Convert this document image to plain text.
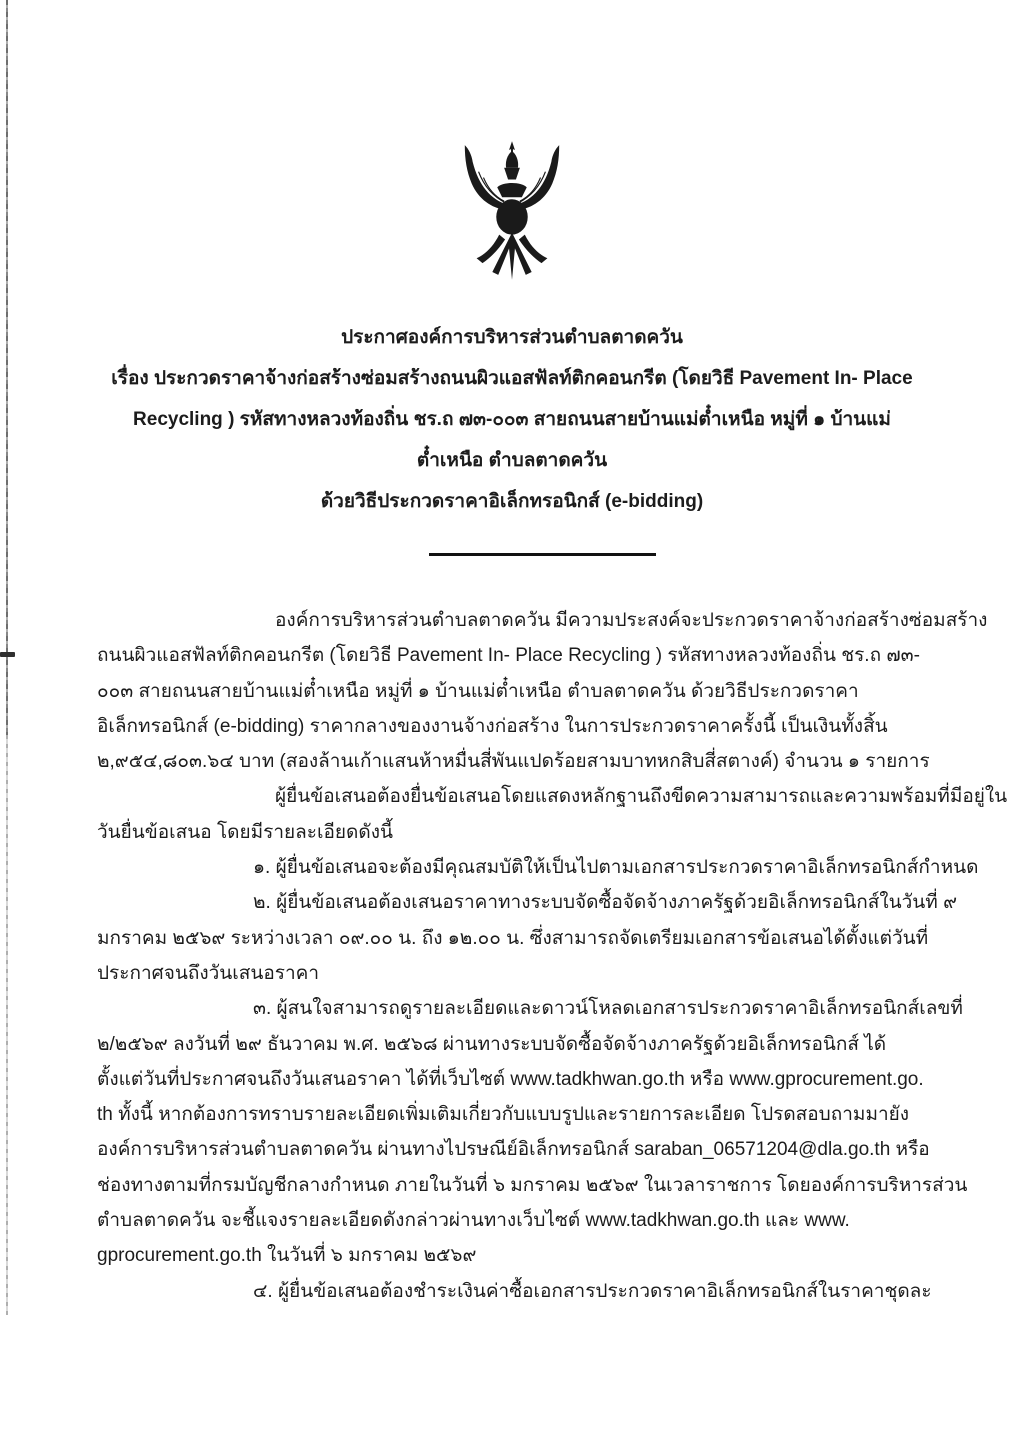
ประกาศองค์การบริหารส่วนตำบลตาดควัน
เรื่อง ประกวดราคาจ้างก่อสร้างซ่อมสร้างถนนผิวแอสฟัลท์ติกคอนกรีต (โดยวิธี Pavement In- Place
Recycling ) รหัสทางหลวงท้องถิ่น ชร.ถ ๗๓-๐๐๓ สายถนนสายบ้านแม่ต๋ำเหนือ หมู่ที่ ๑ บ้านแม่
ต๋ำเหนือ ตำบลตาดควัน
ด้วยวิธีประกวดราคาอิเล็กทรอนิกส์ (e-bidding)
องค์การบริหารส่วนตำบลตาดควัน มีความประสงค์จะประกวดราคาจ้างก่อสร้างซ่อมสร้าง
ถนนผิวแอสฟัลท์ติกคอนกรีต (โดยวิธี Pavement In- Place Recycling ) รหัสทางหลวงท้องถิ่น ชร.ถ ๗๓-
๐๐๓ สายถนนสายบ้านแม่ต๋ำเหนือ หมู่ที่ ๑ บ้านแม่ต๋ำเหนือ ตำบลตาดควัน ด้วยวิธีประกวดราคา
อิเล็กทรอนิกส์ (e-bidding) ราคากลางของงานจ้างก่อสร้าง ในการประกวดราคาครั้งนี้ เป็นเงินทั้งสิ้น
๒,๙๕๔,๘๐๓.๖๔ บาท (สองล้านเก้าแสนห้าหมื่นสี่พันแปดร้อยสามบาทหกสิบสี่สตางค์) จำนวน ๑ รายการ
ผู้ยื่นข้อเสนอต้องยื่นข้อเสนอโดยแสดงหลักฐานถึงขีดความสามารถและความพร้อมที่มีอยู่ใน
วันยื่นข้อเสนอ โดยมีรายละเอียดดังนี้
๑. ผู้ยื่นข้อเสนอจะต้องมีคุณสมบัติให้เป็นไปตามเอกสารประกวดราคาอิเล็กทรอนิกส์กำหนด
๒. ผู้ยื่นข้อเสนอต้องเสนอราคาทางระบบจัดซื้อจัดจ้างภาครัฐด้วยอิเล็กทรอนิกส์ในวันที่ ๙
มกราคม ๒๕๖๙ ระหว่างเวลา ๐๙.๐๐ น. ถึง ๑๒.๐๐ น. ซึ่งสามารถจัดเตรียมเอกสารข้อเสนอได้ตั้งแต่วันที่
ประกาศจนถึงวันเสนอราคา
๓. ผู้สนใจสามารถดูรายละเอียดและดาวน์โหลดเอกสารประกวดราคาอิเล็กทรอนิกส์เลขที่
๒/๒๕๖๙ ลงวันที่ ๒๙ ธันวาคม พ.ศ. ๒๕๖๘ ผ่านทางระบบจัดซื้อจัดจ้างภาครัฐด้วยอิเล็กทรอนิกส์ ได้
ตั้งแต่วันที่ประกาศจนถึงวันเสนอราคา ได้ที่เว็บไซต์ www.tadkhwan.go.th หรือ www.gprocurement.go.
th ทั้งนี้ หากต้องการทราบรายละเอียดเพิ่มเติมเกี่ยวกับแบบรูปและรายการละเอียด โปรดสอบถามมายัง
องค์การบริหารส่วนตำบลตาดควัน ผ่านทางไปรษณีย์อิเล็กทรอนิกส์ saraban_06571204@dla.go.th หรือ
ช่องทางตามที่กรมบัญชีกลางกำหนด ภายในวันที่ ๖ มกราคม ๒๕๖๙ ในเวลาราชการ โดยองค์การบริหารส่วน
ตำบลตาดควัน จะชี้แจงรายละเอียดดังกล่าวผ่านทางเว็บไซต์ www.tadkhwan.go.th และ www.
gprocurement.go.th ในวันที่ ๖ มกราคม ๒๕๖๙
๔. ผู้ยื่นข้อเสนอต้องชำระเงินค่าซื้อเอกสารประกวดราคาอิเล็กทรอนิกส์ในราคาชุดละ
